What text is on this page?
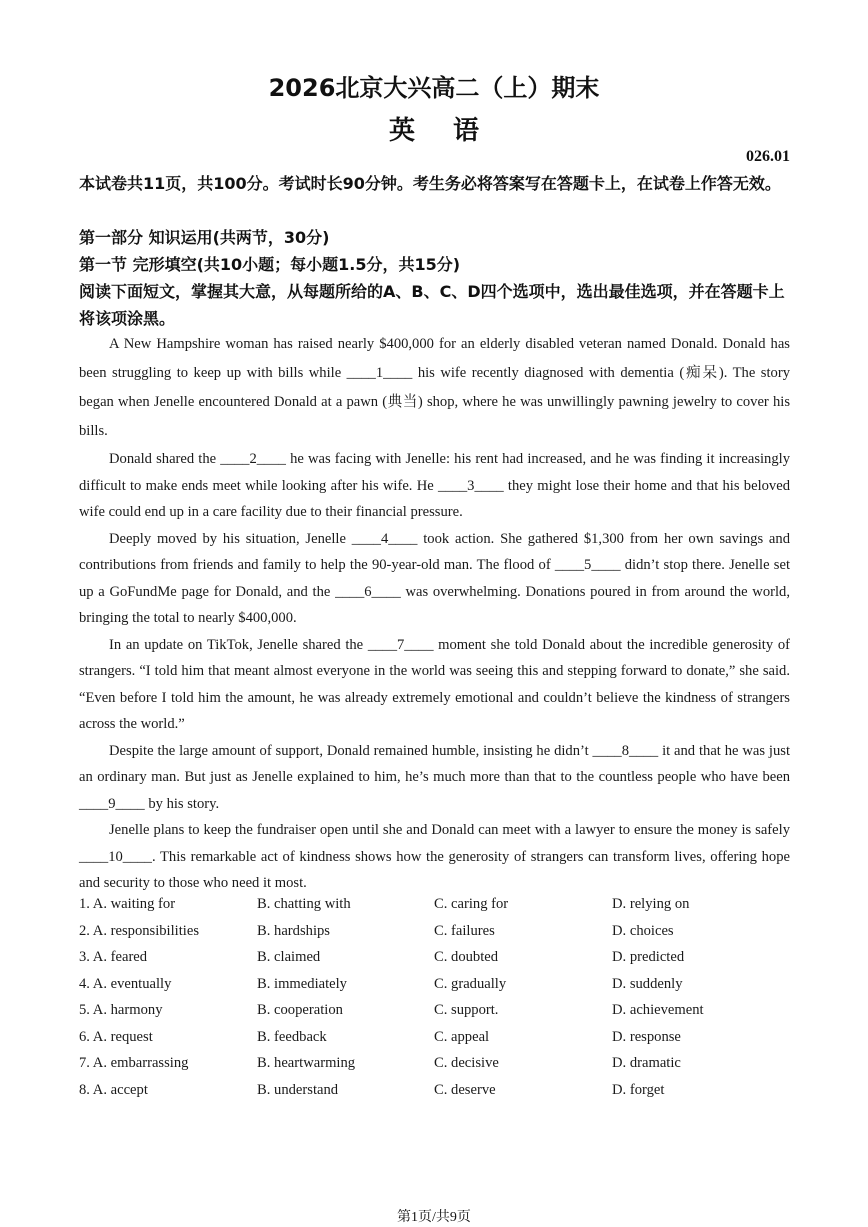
2026北京大兴高二（上）期末
英语
026.01
本试卷共11页，共100分。考试时长90分钟。考生务必将答案写在答题卡上，在试卷上作答无效。
第一部分 知识运用(共两节，30分)
第一节 完形填空(共10小题；每小题1.5分，共15分)
阅读下面短文，掌握其大意，从每题所给的A、B、C、D四个选项中，选出最佳选项，并在答题卡上将该项涂黑。

A New Hampshire woman has raised nearly $400,000 for an elderly disabled veteran named Donald. Donald has been struggling to keep up with bills while ____1____ his wife recently diagnosed with dementia (痴呆). The story began when Jenelle encountered Donald at a pawn (典当) shop, where he was unwillingly pawning jewelry to cover his bills.

Donald shared the ____2____ he was facing with Jenelle: his rent had increased, and he was finding it increasingly difficult to make ends meet while looking after his wife. He ____3____ they might lose their home and that his beloved wife could end up in a care facility due to their financial pressure.

Deeply moved by his situation, Jenelle ____4____ took action. She gathered $1,300 from her own savings and contributions from friends and family to help the 90-year-old man. The flood of ____5____ didn’t stop there. Jenelle set up a GoFundMe page for Donald, and the ____6____ was overwhelming. Donations poured in from around the world, bringing the total to nearly $400,000.

In an update on TikTok, Jenelle shared the ____7____ moment she told Donald about the incredible generosity of strangers. “I told him that meant almost everyone in the world was seeing this and stepping forward to donate,” she said. “Even before I told him the amount, he was already extremely emotional and couldn’t believe the kindness of strangers across the world.”

Despite the large amount of support, Donald remained humble, insisting he didn’t ____8____ it and that he was just an ordinary man. But just as Jenelle explained to him, he’s much more than that to the countless people who have been ____9____ by his story.

Jenelle plans to keep the fundraiser open until she and Donald can meet with a lawyer to ensure the money is safely ____10____. This remarkable act of kindness shows how the generosity of strangers can transform lives, offering hope and security to those who need it most.

1. A. waiting for	B. chatting with	C. caring for	D. relying on
2. A. responsibilities	B. hardships	C. failures	D. choices
3. A. feared	B. claimed	C. doubted	D. predicted
4. A. eventually	B. immediately	C. gradually	D. suddenly
5. A. harmony	B. cooperation	C. support.	D. achievement
6. A. request	B. feedback	C. appeal	D. response
7. A. embarrassing	B. heartwarming	C. decisive	D. dramatic
8. A. accept	B. understand	C. deserve	D. forget
第1页/共9页
